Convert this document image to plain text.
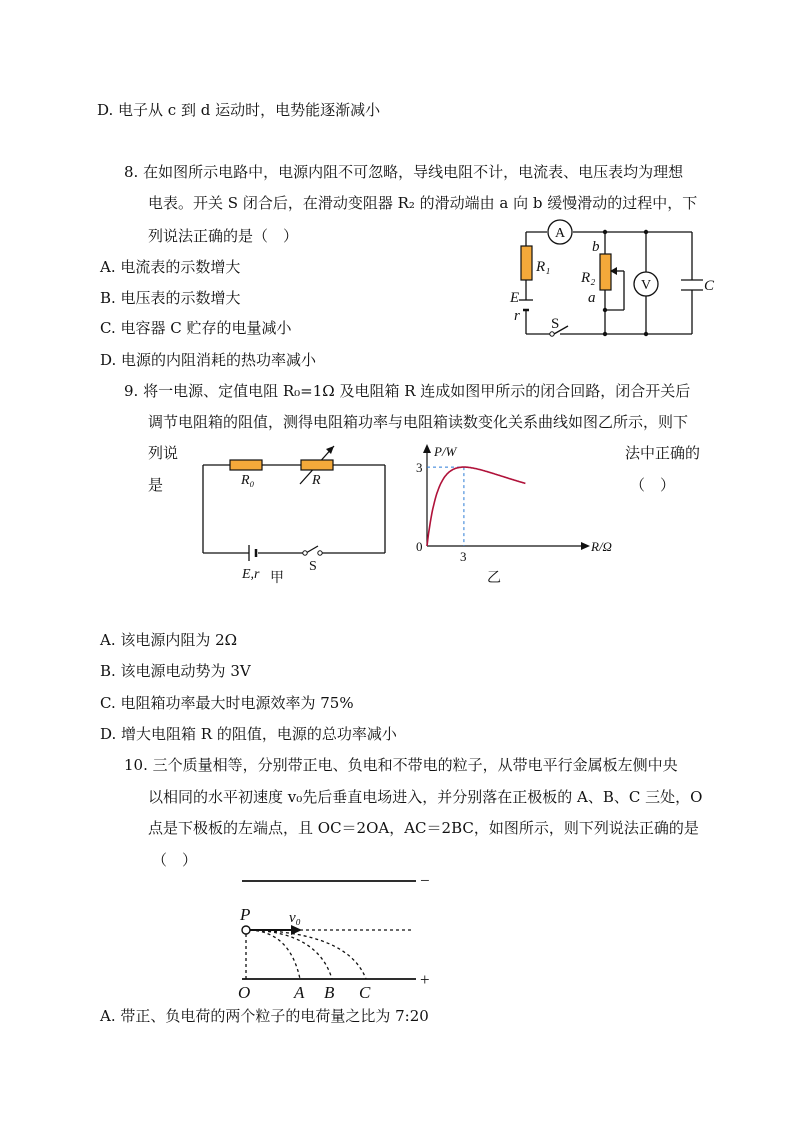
D. 电子从 c 到 d 运动时，电势能逐渐减小
8. 在如图所示电路中，电源内阻不可忽略，导线电阻不计，电流表、电压表均为理想
电表。开关 S 闭合后，在滑动变阻器 R₂ 的滑动端由 a 向 b 缓慢滑动的过程中，下
列说法正确的是（　）
A. 电流表的示数增大
B. 电压表的示数增大
C. 电容器 C 贮存的电量减小
D. 电源的内阻消耗的热功率减小
9. 将一电源、定值电阻 R₀=1Ω 及电阻箱 R 连成如图甲所示的闭合回路，闭合开关后
调节电阻箱的阻值，测得电阻箱功率与电阻箱读数变化关系曲线如图乙所示，则下
列说
是
法中正确的
（　）
A. 该电源内阻为 2Ω
B. 该电源电动势为 3V
C. 电阻箱功率最大时电源效率为 75%
D. 增大电阻箱 R 的阻值，电源的总功率减小
10. 三个质量相等，分别带正电、负电和不带电的粒子，从带电平行金属板左侧中央
以相同的水平初速度 v₀先后垂直电场进入，并分别落在正极板的 A、B、C 三处，O
点是下极板的左端点，且 OC＝2OA，AC＝2BC，如图所示，则下列说法正确的是
（　）
A. 带正、负电荷的两个粒子的电荷量之比为 7:20
A
V
R₁
R₂
b
a
E
r S
C
R₀	R
E,r
S
甲
P/W
R/Ω
3
3
0
乙
P	v₀
O	A B C
−
+
